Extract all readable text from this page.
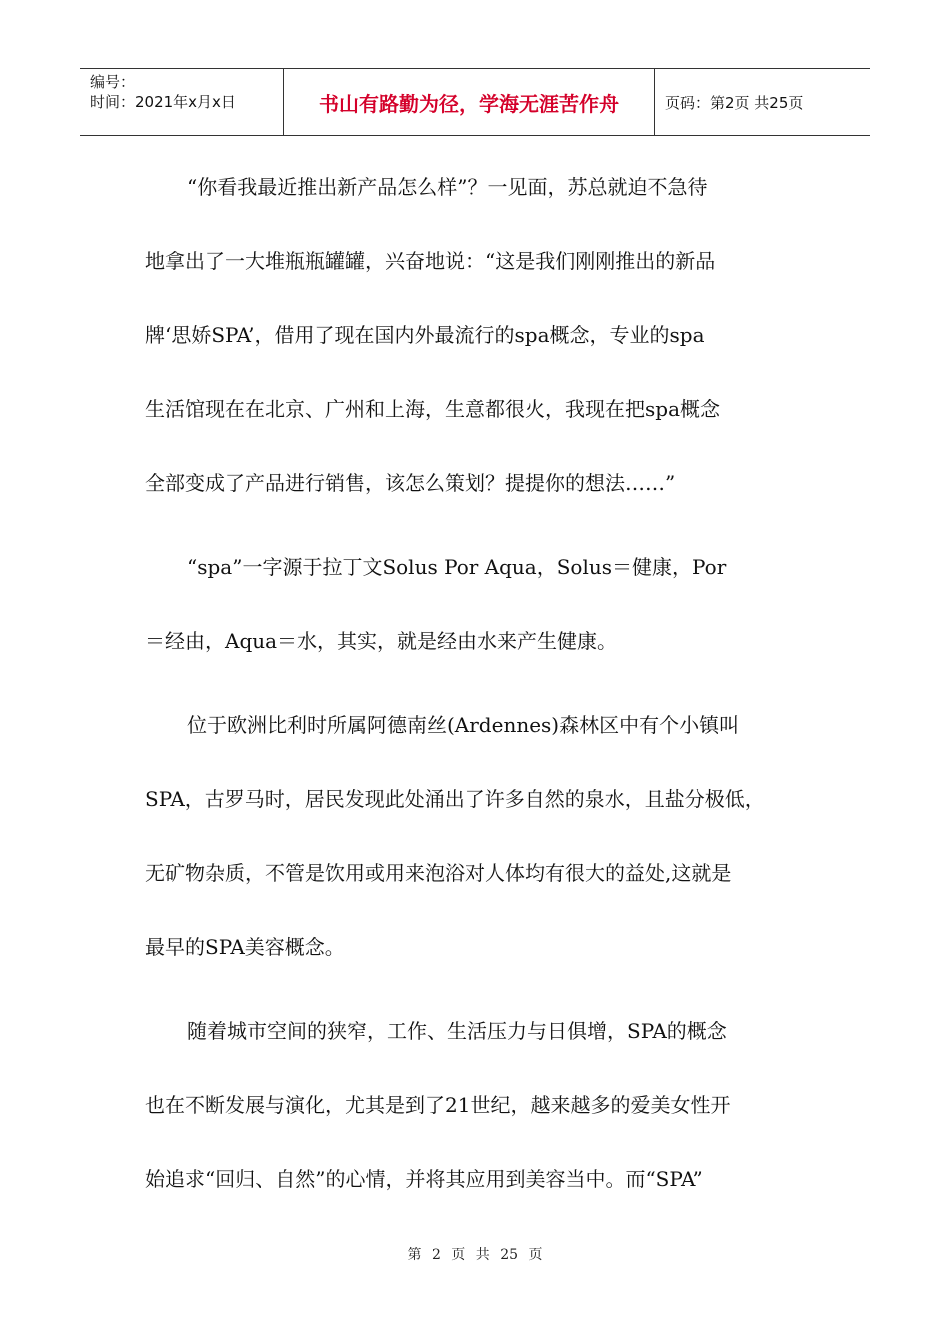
编号：
时间：2021年x月x日	书山有路勤为径，学海无涯苦作舟	页码：第2页 共25页
“你看我最近推出新产品怎么样”？一见面，苏总就迫不急待
地拿出了一大堆瓶瓶罐罐，兴奋地说：“这是我们刚刚推出的新品
牌‘思娇SPA’，借用了现在国内外最流行的spa概念，专业的spa
生活馆现在在北京、广州和上海，生意都很火，我现在把spa概念
全部变成了产品进行销售，该怎么策划？提提你的想法……”
“spa”一字源于拉丁文Solus Por Aqua，Solus＝健康，Por
＝经由，Aqua＝水，其实，就是经由水来产生健康。
位于欧洲比利时所属阿德南丝(Ardennes)森林区中有个小镇叫
SPA，古罗马时，居民发现此处涌出了许多自然的泉水，且盐分极低，
无矿物杂质，不管是饮用或用来泡浴对人体均有很大的益处,这就是
最早的SPA美容概念。
随着城市空间的狭窄，工作、生活压力与日俱增，SPA的概念
也在不断发展与演化，尤其是到了21世纪，越来越多的爱美女性开
始追求“回归、自然”的心情，并将其应用到美容当中。而“SPA”
第 2 页 共 25 页
